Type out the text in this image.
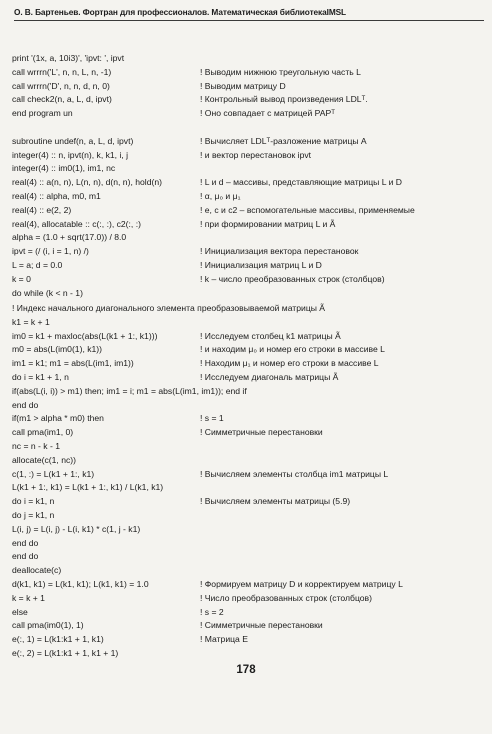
О. В. Бартеньев. Фортран для профессионалов. Математическая библиотекаIMSL
print '(1x, a, 10i3)', 'ipvt: ', ipvt
call wrrrn('L', n, n, L, n, -1)	! Выводим нижнюю треугольную часть L
call wrrrn('D', n, n, d, n, 0)	! Выводим матрицу D
call check2(n, a, L, d, ipvt)	! Контрольный вывод произведения LDLᵀ.
end program un	! Оно совпадает с матрицей PAPᵀ
subroutine undef(n, a, L, d, ipvt)	! Вычисляет LDLᵀ-разложение матрицы A
integer(4) :: n, ipvt(n), k, k1, i, j	! и вектор перестановок ipvt
integer(4) :: im0(1), im1, nc
real(4) :: a(n, n), L(n, n), d(n, n), hold(n)	! L и d – массивы, представляющие матрицы L и D
real(4) :: alpha, m0, m1	! α, μ₀ и μ₁
real(4) :: e(2, 2)	! e, c и c2 – вспомогательные массивы, применяемые
real(4), allocatable :: c(:, :), c2(:, :)	! при формировании матриц L и Ã
alpha = (1.0 + sqrt(17.0)) / 8.0
ipvt = (/ (i, i = 1, n) /)	! Инициализация вектора перестановок
L = a; d = 0.0	! Инициализация матриц L и D
k = 0	! k – число преобразованных строк (столбцов)
do while (k < n - 1)
! Индекс начального диагонального элемента преобразовываемой матрицы Ã
k1 = k + 1
im0 = k1 + maxloc(abs(L(k1 + 1:, k1)))	! Исследуем столбец k1 матрицы Ã
m0 = abs(L(im0(1), k1))	! и находим μ₀ и номер его строки в массиве L
im1 = k1; m1 = abs(L(im1, im1))	! Находим μ₁ и номер его строки в массиве L
do i = k1 + 1, n	! Исследуем диагональ матрицы Ã
if(abs(L(i, i)) > m1) then; im1 = i; m1 = abs(L(im1, im1)); end if
end do
if(m1 > alpha * m0) then	! s = 1
call pma(im1, 0)	! Симметричные перестановки
nc = n - k - 1
allocate(c(1, nc))
c(1, :) = L(k1 + 1:, k1)	! Вычисляем элементы столбца im1 матрицы L
L(k1 + 1:, k1) = L(k1 + 1:, k1) / L(k1, k1)
do i = k1, n	! Вычисляем элементы матрицы (5.9)
do j = k1, n
L(i, j) = L(i, j) - L(i, k1) * c(1, j - k1)
end do
end do
deallocate(c)
d(k1, k1) = L(k1, k1); L(k1, k1) = 1.0	! Формируем матрицу D и корректируем матрицу L
k = k + 1	! Число преобразованных строк (столбцов)
else	! s = 2
call pma(im0(1), 1)	! Симметричные перестановки
e(:, 1) = L(k1:k1 + 1, k1)	! Матрица E
e(:, 2) = L(k1:k1 + 1, k1 + 1)
178
